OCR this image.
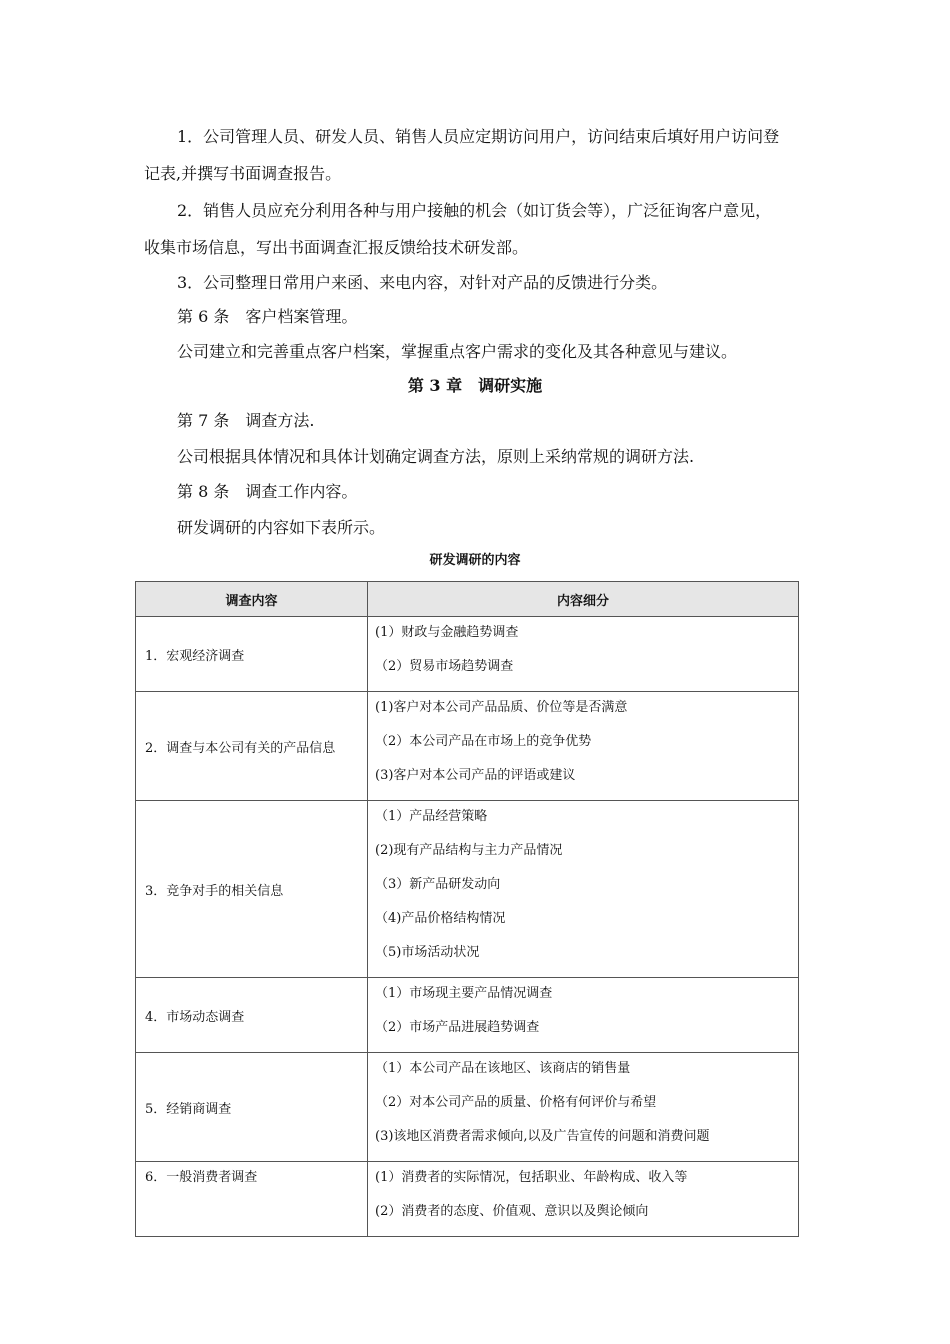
1．公司管理人员、研发人员、销售人员应定期访问用户，访问结束后填好用户访问登
记表,并撰写书面调查报告。
2．销售人员应充分利用各种与用户接触的机会（如订货会等），广泛征询客户意见，
收集市场信息，写出书面调查汇报反馈给技术研发部。
3．公司整理日常用户来函、来电内容，对针对产品的反馈进行分类。
第 6 条　客户档案管理。
公司建立和完善重点客户档案，掌握重点客户需求的变化及其各种意见与建议。
第 3 章　调研实施
第 7 条　调查方法.
公司根据具体情况和具体计划确定调查方法，原则上采纳常规的调研方法.
第 8 条　调查工作内容。
研发调研的内容如下表所示。
研发调研的内容
调查内容	内容细分
1．宏观经济调查	(1）财政与金融趋势调查
（2）贸易市场趋势调查

2．调查与本公司有关的产品信息	(1)客户对本公司产品品质、价位等是否满意
（2）本公司产品在市场上的竞争优势
(3)客户对本公司产品的评语或建议

3．竞争对手的相关信息	（1）产品经营策略
(2)现有产品结构与主力产品情况
（3）新产品研发动向
（4)产品价格结构情况
（5)市场活动状况

4．市场动态调查	（1）市场现主要产品情况调查
（2）市场产品进展趋势调查

5．经销商调查	（1）本公司产品在该地区、该商店的销售量
（2）对本公司产品的质量、价格有何评价与希望
(3)该地区消费者需求倾向,以及广告宣传的问题和消费问题

6．一般消费者调查	(1）消费者的实际情况，包括职业、年龄构成、收入等
(2）消费者的态度、价值观、意识以及舆论倾向
